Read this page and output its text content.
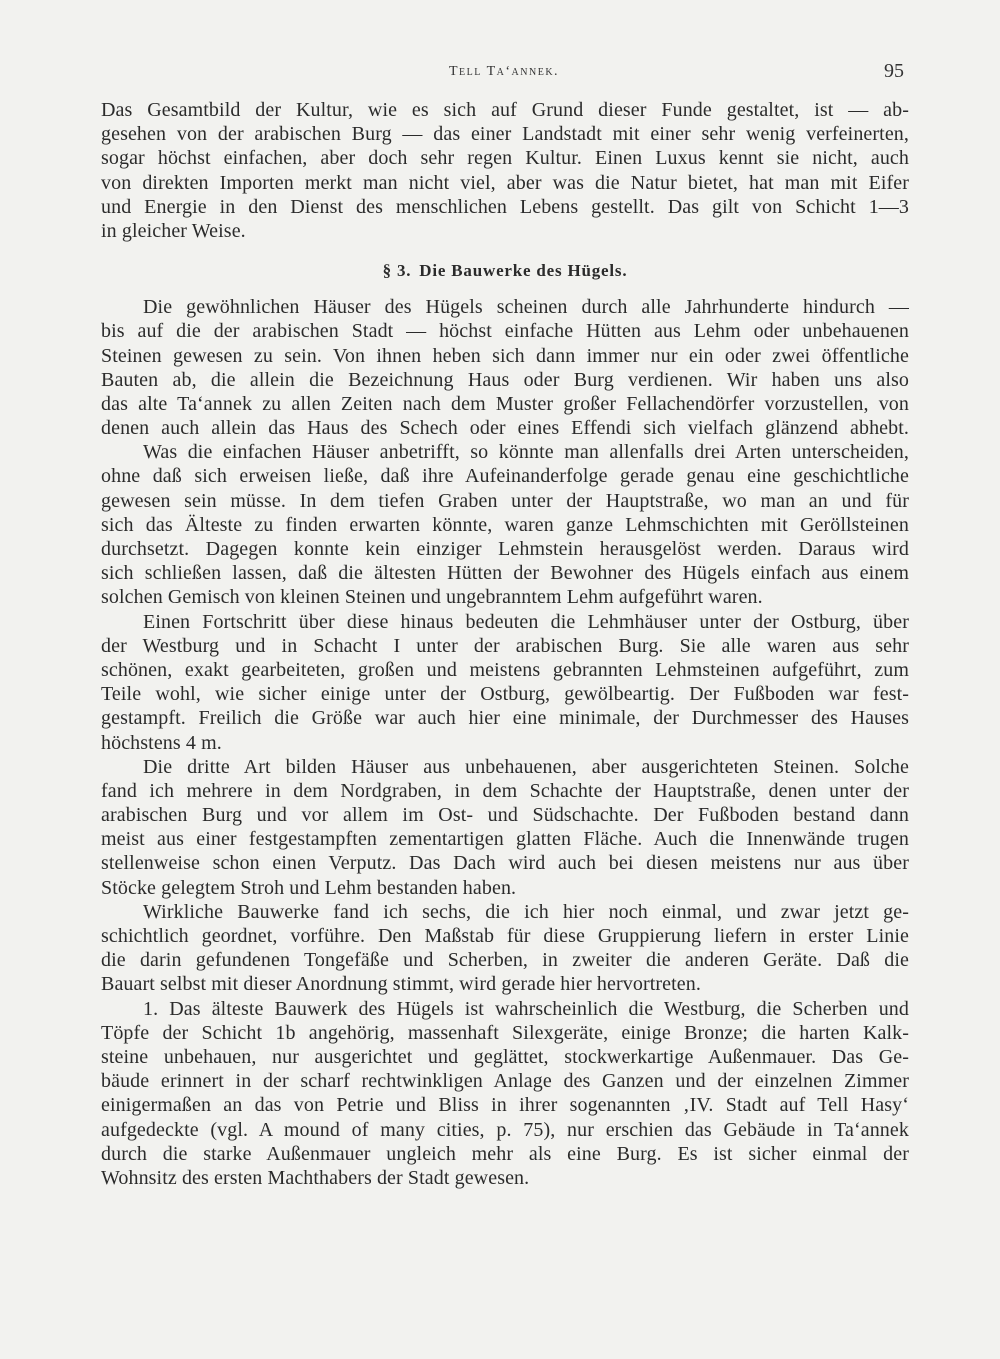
Tell Ta‘annek.	95
Das Gesamtbild der Kultur, wie es sich auf Grund dieser Funde gestaltet, ist — ab-
gesehen von der arabischen Burg — das einer Landstadt mit einer sehr wenig verfeinerten,
sogar höchst einfachen, aber doch sehr regen Kultur. Einen Luxus kennt sie nicht, auch
von direkten Importen merkt man nicht viel, aber was die Natur bietet, hat man mit Eifer
und Energie in den Dienst des menschlichen Lebens gestellt. Das gilt von Schicht 1—3
in gleicher Weise.
§ 3. Die Bauwerke des Hügels.
Die gewöhnlichen Häuser des Hügels scheinen durch alle Jahrhunderte hindurch —
bis auf die der arabischen Stadt — höchst einfache Hütten aus Lehm oder unbehauenen
Steinen gewesen zu sein. Von ihnen heben sich dann immer nur ein oder zwei öffentliche
Bauten ab, die allein die Bezeichnung Haus oder Burg verdienen. Wir haben uns also
das alte Ta‘annek zu allen Zeiten nach dem Muster großer Fellachendörfer vorzustellen, von
denen auch allein das Haus des Schech oder eines Effendi sich vielfach glänzend abhebt.
Was die einfachen Häuser anbetrifft, so könnte man allenfalls drei Arten unterscheiden,
ohne daß sich erweisen ließe, daß ihre Aufeinanderfolge gerade genau eine geschichtliche
gewesen sein müsse. In dem tiefen Graben unter der Hauptstraße, wo man an und für
sich das Älteste zu finden erwarten könnte, waren ganze Lehmschichten mit Geröllsteinen
durchsetzt. Dagegen konnte kein einziger Lehmstein herausgelöst werden. Daraus wird
sich schließen lassen, daß die ältesten Hütten der Bewohner des Hügels einfach aus einem
solchen Gemisch von kleinen Steinen und ungebranntem Lehm aufgeführt waren.
Einen Fortschritt über diese hinaus bedeuten die Lehmhäuser unter der Ostburg, über
der Westburg und in Schacht I unter der arabischen Burg. Sie alle waren aus sehr
schönen, exakt gearbeiteten, großen und meistens gebrannten Lehmsteinen aufgeführt, zum
Teile wohl, wie sicher einige unter der Ostburg, gewölbeartig. Der Fußboden war fest-
gestampft. Freilich die Größe war auch hier eine minimale, der Durchmesser des Hauses
höchstens 4 m.
Die dritte Art bilden Häuser aus unbehauenen, aber ausgerichteten Steinen. Solche
fand ich mehrere in dem Nordgraben, in dem Schachte der Hauptstraße, denen unter der
arabischen Burg und vor allem im Ost- und Südschachte. Der Fußboden bestand dann
meist aus einer festgestampften zementartigen glatten Fläche. Auch die Innenwände trugen
stellenweise schon einen Verputz. Das Dach wird auch bei diesen meistens nur aus über
Stöcke gelegtem Stroh und Lehm bestanden haben.
Wirkliche Bauwerke fand ich sechs, die ich hier noch einmal, und zwar jetzt ge-
schichtlich geordnet, vorführe. Den Maßstab für diese Gruppierung liefern in erster Linie
die darin gefundenen Tongefäße und Scherben, in zweiter die anderen Geräte. Daß die
Bauart selbst mit dieser Anordnung stimmt, wird gerade hier hervortreten.
1. Das älteste Bauwerk des Hügels ist wahrscheinlich die Westburg, die Scherben und
Töpfe der Schicht 1b angehörig, massenhaft Silexgeräte, einige Bronze; die harten Kalk-
steine unbehauen, nur ausgerichtet und geglättet, stockwerkartige Außenmauer. Das Ge-
bäude erinnert in der scharf rechtwinkligen Anlage des Ganzen und der einzelnen Zimmer
einigermaßen an das von Petrie und Bliss in ihrer sogenannten ‚IV. Stadt auf Tell Hasy‘
aufgedeckte (vgl. A mound of many cities, p. 75), nur erschien das Gebäude in Ta‘annek
durch die starke Außenmauer ungleich mehr als eine Burg. Es ist sicher einmal der
Wohnsitz des ersten Machthabers der Stadt gewesen.
